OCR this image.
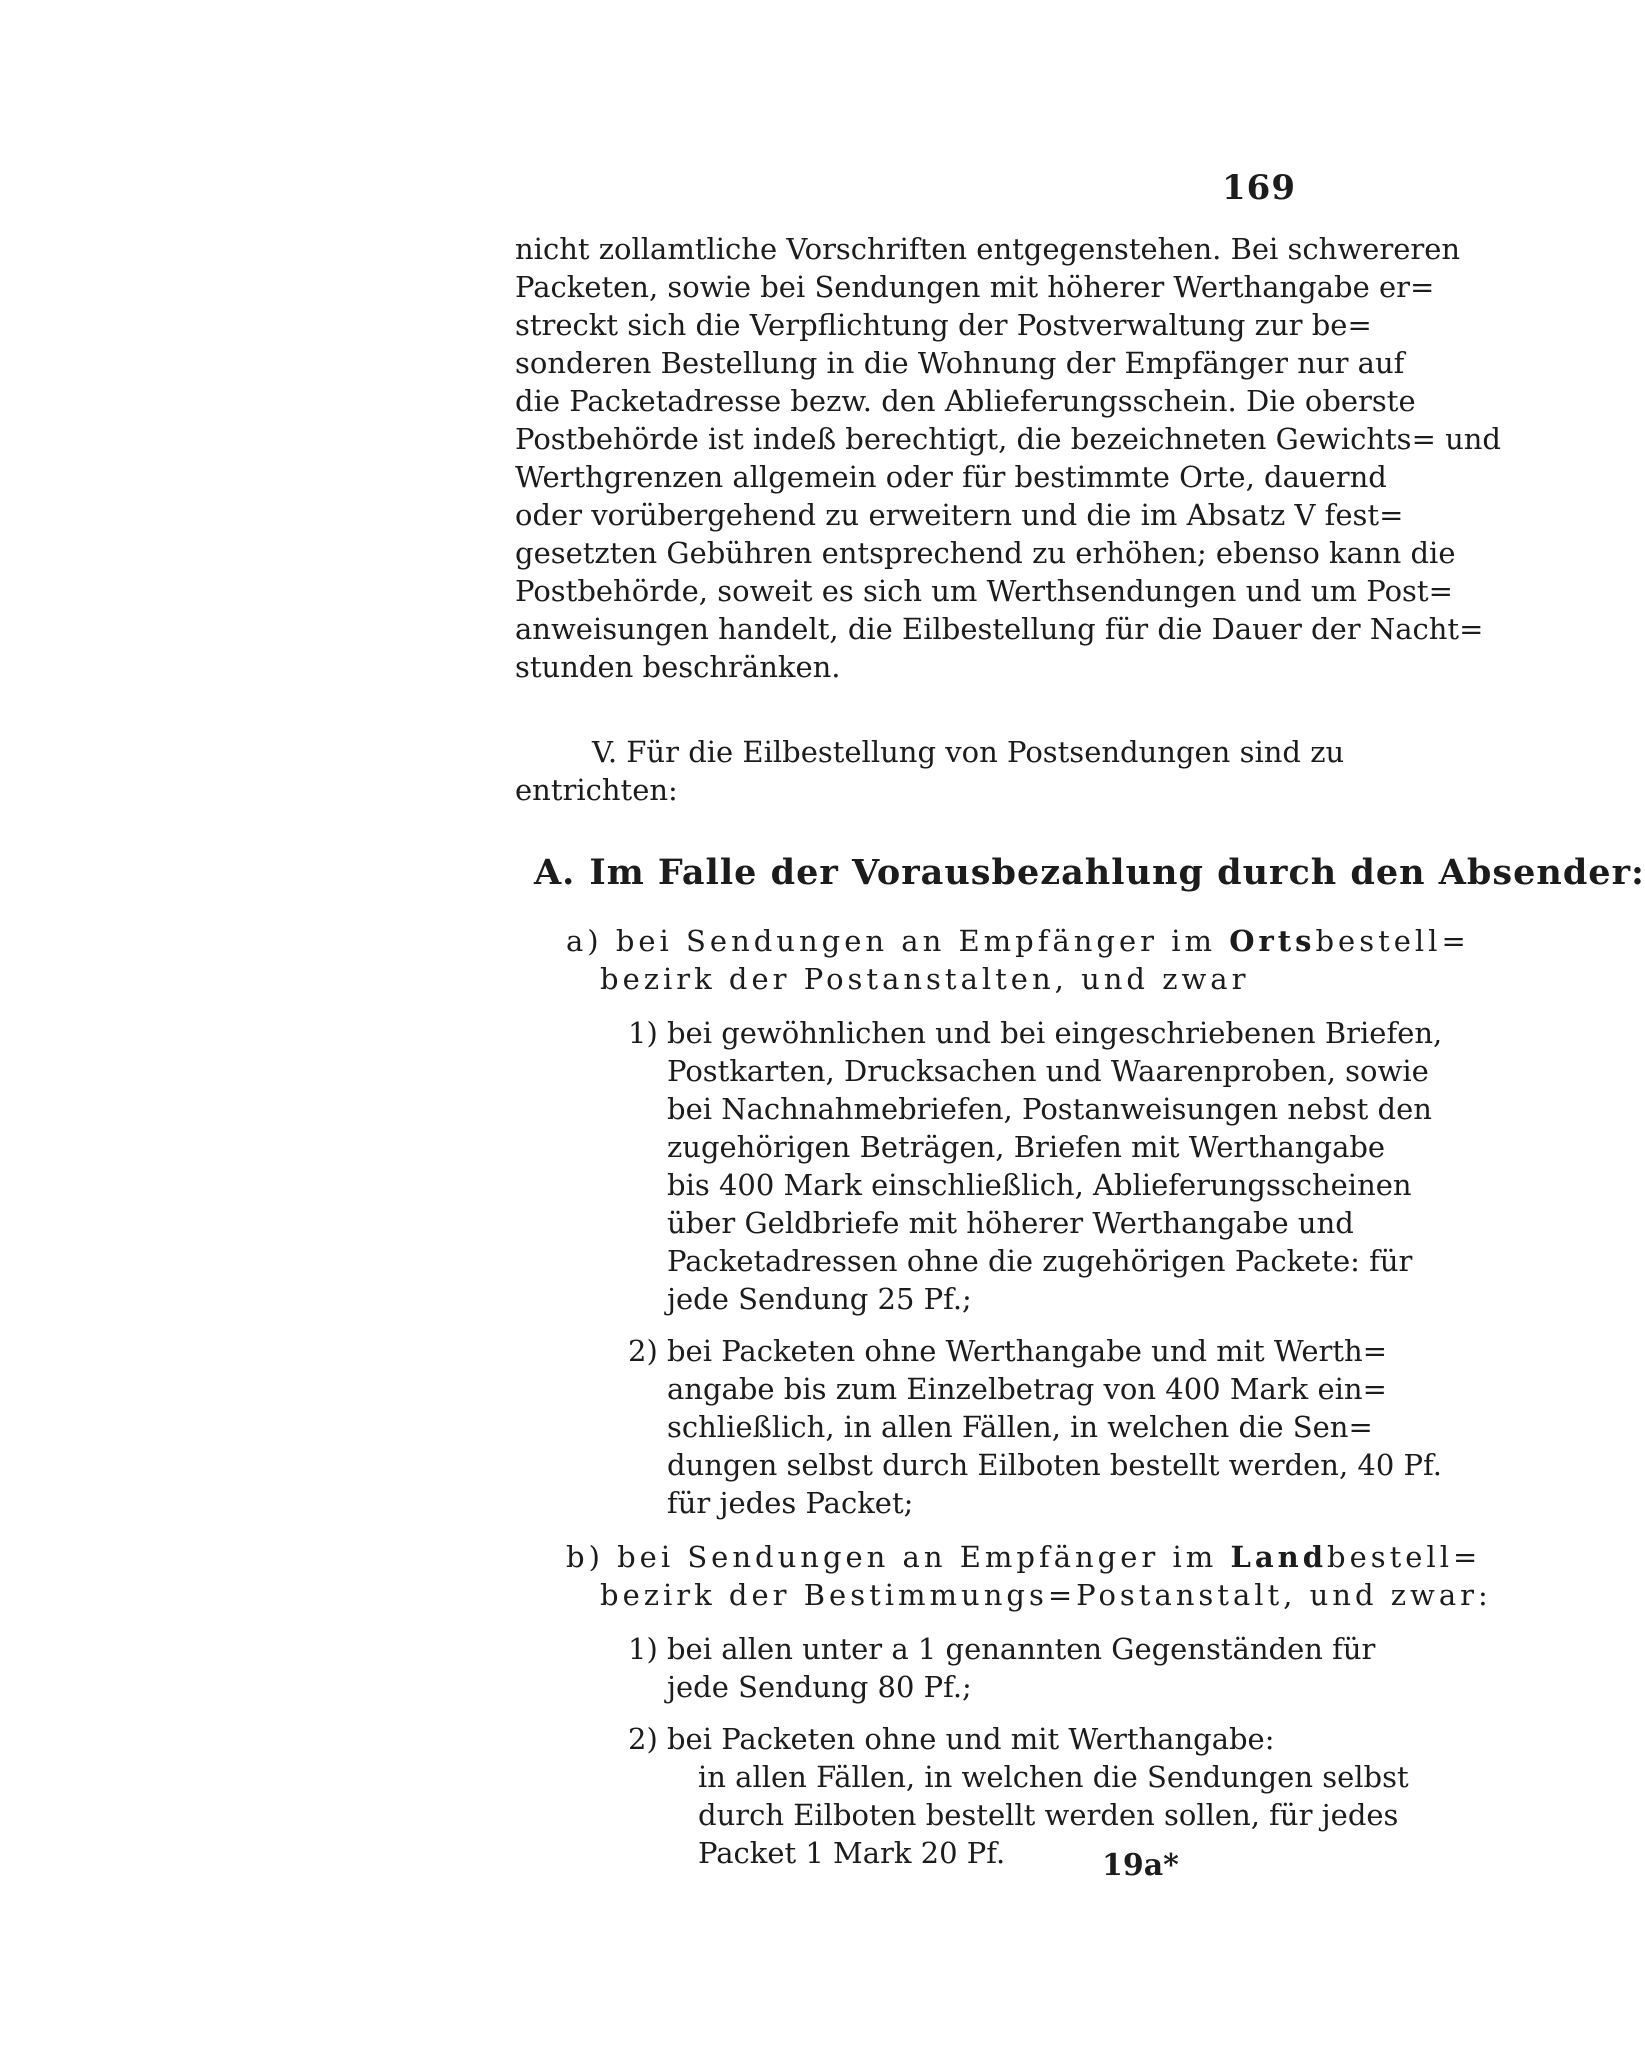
169
nicht zollamtliche Vorschriften entgegenstehen. Bei schwereren
Packeten, sowie bei Sendungen mit höherer Werthangabe er=
streckt sich die Verpflichtung der Postverwaltung zur be=
sonderen Bestellung in die Wohnung der Empfänger nur auf
die Packetadresse bezw. den Ablieferungsschein. Die oberste
Postbehörde ist indeß berechtigt, die bezeichneten Gewichts= und
Werthgrenzen allgemein oder für bestimmte Orte, dauernd
oder vorübergehend zu erweitern und die im Absatz V fest=
gesetzten Gebühren entsprechend zu erhöhen; ebenso kann die
Postbehörde, soweit es sich um Werthsendungen und um Post=
anweisungen handelt, die Eilbestellung für die Dauer der Nacht=
stunden beschränken.
V. Für die Eilbestellung von Postsendungen sind zu
entrichten:
A. Im Falle der Vorausbezahlung durch den Absender:
a) bei Sendungen an Empfänger im Ortsbestell=
bezirk der Postanstalten, und zwar
1) bei gewöhnlichen und bei eingeschriebenen Briefen,
Postkarten, Drucksachen und Waarenproben, sowie
bei Nachnahmebriefen, Postanweisungen nebst den
zugehörigen Beträgen, Briefen mit Werthangabe
bis 400 Mark einschließlich, Ablieferungsscheinen
über Geldbriefe mit höherer Werthangabe und
Packetadressen ohne die zugehörigen Packete: für
jede Sendung 25 Pf.;
2) bei Packeten ohne Werthangabe und mit Werth=
angabe bis zum Einzelbetrag von 400 Mark ein=
schließlich, in allen Fällen, in welchen die Sen=
dungen selbst durch Eilboten bestellt werden, 40 Pf.
für jedes Packet;
b) bei Sendungen an Empfänger im Landbestell=
bezirk der Bestimmungs=Postanstalt, und zwar:
1) bei allen unter a 1 genannten Gegenständen für
jede Sendung 80 Pf.;
2) bei Packeten ohne und mit Werthangabe:
in allen Fällen, in welchen die Sendungen selbst
durch Eilboten bestellt werden sollen, für jedes
Packet 1 Mark 20 Pf.	19a*
